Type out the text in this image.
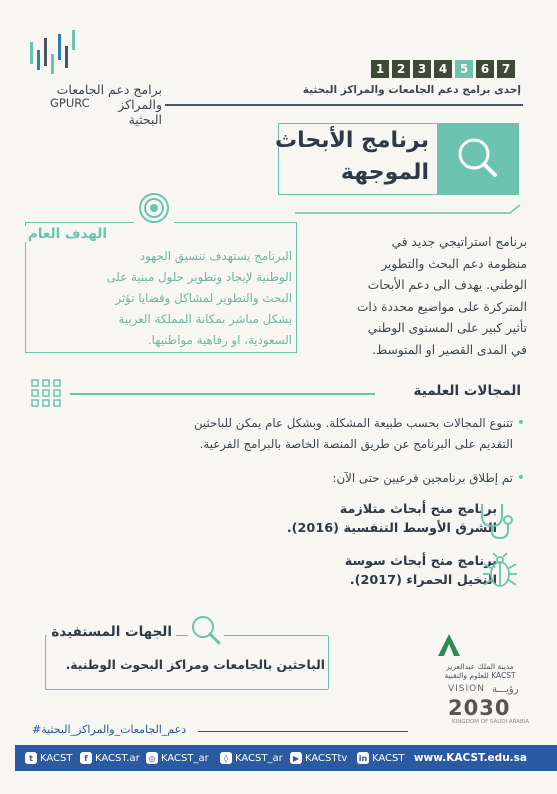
برامج دعم الجامعات
والمراكز البحثية
GPURC
1	2	3	4	5	6	7
إحدى برامج دعم الجامعات والمراكز البحثية
برنامج الأبحاث
الموجهة
الهدف العام
البرنامج يستهدف تنسيق الجهود
الوطنية لإيجاد وتطوير حلول مبنية على
البحث والتطوير لمشاكل وقضايا تؤثر
بشكل مباشر بمكانة المملكة العربية
السعودية، او رفاهية مواطنيها.
برنامج استراتيجي جديد في
منظومة دعم البحث والتطوير
الوطني. يهدف الى دعم الأبحاث
المتركزة على مواضيع محددة ذات
تأثير كبير على المستوى الوطني
في المدى القصير او المتوسط.
المجالات العلمية
• تتنوع المجالات بحسب طبيعة المشكلة. وبشكل عام يمكن للباحثين
التقديم على البرنامج عن طريق المنصة الخاصة بالبرامج الفرعية.
• تم إطلاق برنامجين فرعيين حتى الآن:
برنامج منح أبحاث متلازمة
الشرق الأوسط التنفسية (2016).
برنامج منح أبحاث سوسة
النخيل الحمراء (2017).
الجهات المستفيدة
الباحثين بالجامعات ومراكز البحوث الوطنية.	مدينة الملك عبدالعزيز
للعلوم والتقنية KACST
VISION رؤيـــة
2030
KINGDOM OF SAUDI ARABIA
#دعم_الجامعات_والمراكز_البحثية
t KACST	f KACST.ar	◎ KACST_ar	◊ KACST_ar	▶ KACSTtv in KACST www.KACST.edu.sa
